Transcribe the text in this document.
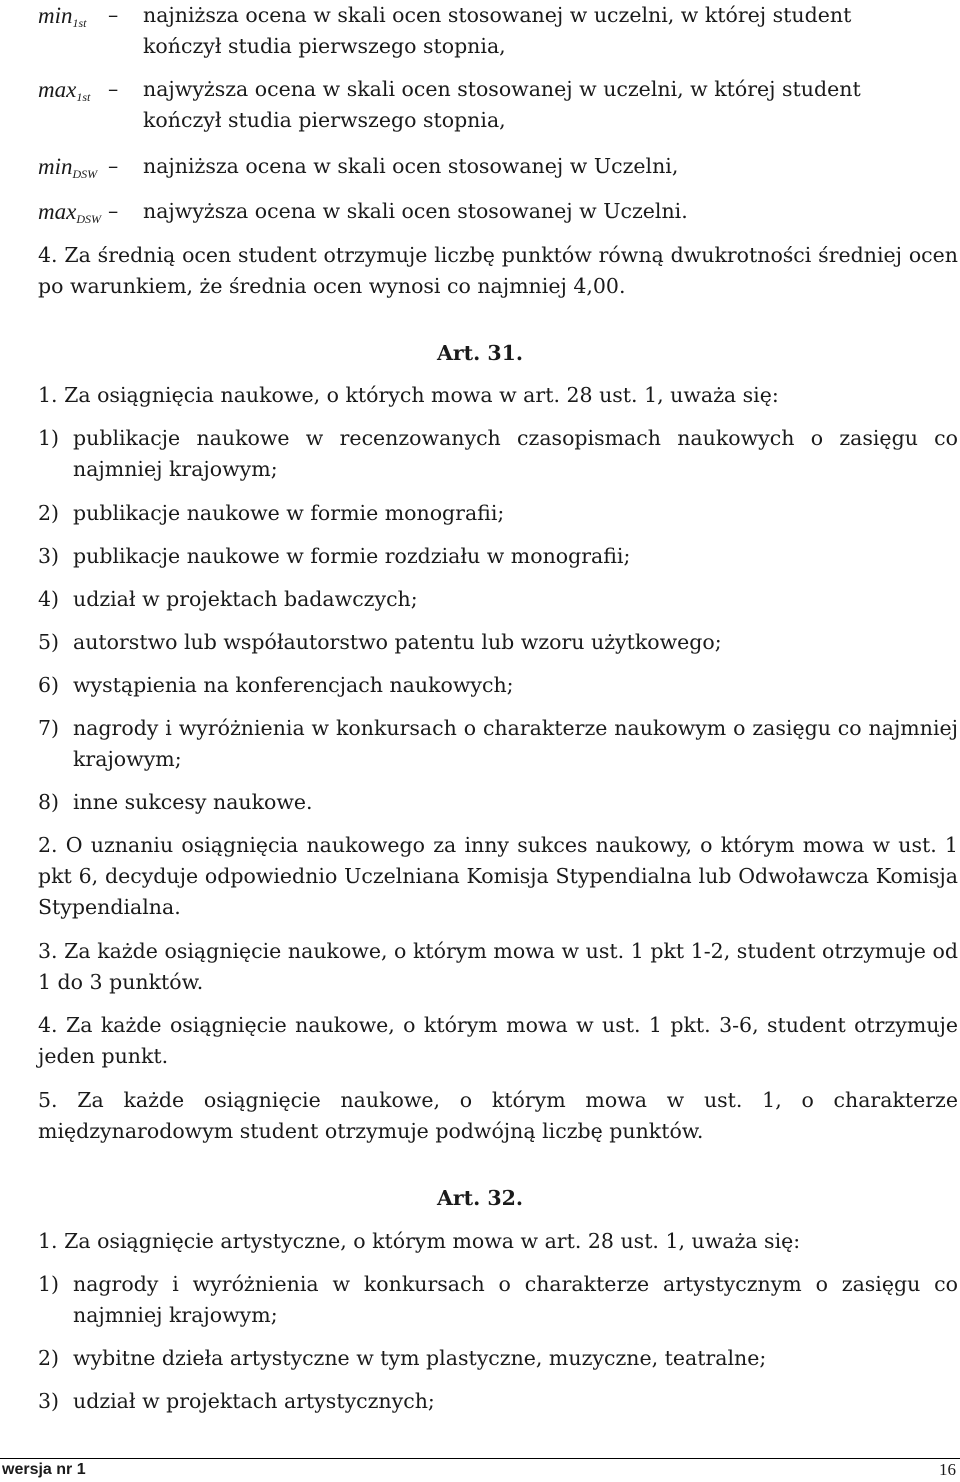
$\min_{1st}$	– najniższa ocena w skali ocen stosowanej w uczelni, w której student
kończył studia pierwszego stopnia,
$\max_{1st}$ – najwyższa ocena w skali ocen stosowanej w uczelni, w której student
kończył studia pierwszego stopnia,
$\min_{DSW}$ – najniższa ocena w skali ocen stosowanej w Uczelni,
$\max_{DSW}$ – najwyższa ocena w skali ocen stosowanej w Uczelni.
4. Za średnią ocen student otrzymuje liczbę punktów równą dwukrotności średniej ocen po warunkiem, że średnia ocen wynosi co najmniej 4,00.
Art. 31.
1. Za osiągnięcia naukowe, o których mowa w art. 28 ust. 1, uważa się:
1) publikacje naukowe w recenzowanych czasopismach naukowych o zasięgu co najmniej krajowym;
2) publikacje naukowe w formie monografii;
3) publikacje naukowe w formie rozdziału w monografii;
4) udział w projektach badawczych;
5) autorstwo lub współautorstwo patentu lub wzoru użytkowego;
6) wystąpienia na konferencjach naukowych;
7) nagrody i wyróżnienia w konkursach o charakterze naukowym o zasięgu co najmniej krajowym;
8) inne sukcesy naukowe.
2. O uznaniu osiągnięcia naukowego za inny sukces naukowy, o którym mowa w ust. 1 pkt 6, decyduje odpowiednio Uczelniana Komisja Stypendialna lub Odwoławcza Komisja Stypendialna.
3. Za każde osiągnięcie naukowe, o którym mowa w ust. 1 pkt 1-2, student otrzymuje od 1 do 3 punktów.
4. Za każde osiągnięcie naukowe, o którym mowa w ust. 1 pkt. 3-6, student otrzymuje jeden punkt.
5. Za każde osiągnięcie naukowe, o którym mowa w ust. 1, o charakterze międzynarodowym student otrzymuje podwójną liczbę punktów.
Art. 32.
1. Za osiągnięcie artystyczne, o którym mowa w art. 28 ust. 1, uważa się:
1) nagrody i wyróżnienia w konkursach o charakterze artystycznym o zasięgu co najmniej krajowym;
2) wybitne dzieła artystyczne w tym plastyczne, muzyczne, teatralne;
3) udział w projektach artystycznych;
wersja nr 1	16
